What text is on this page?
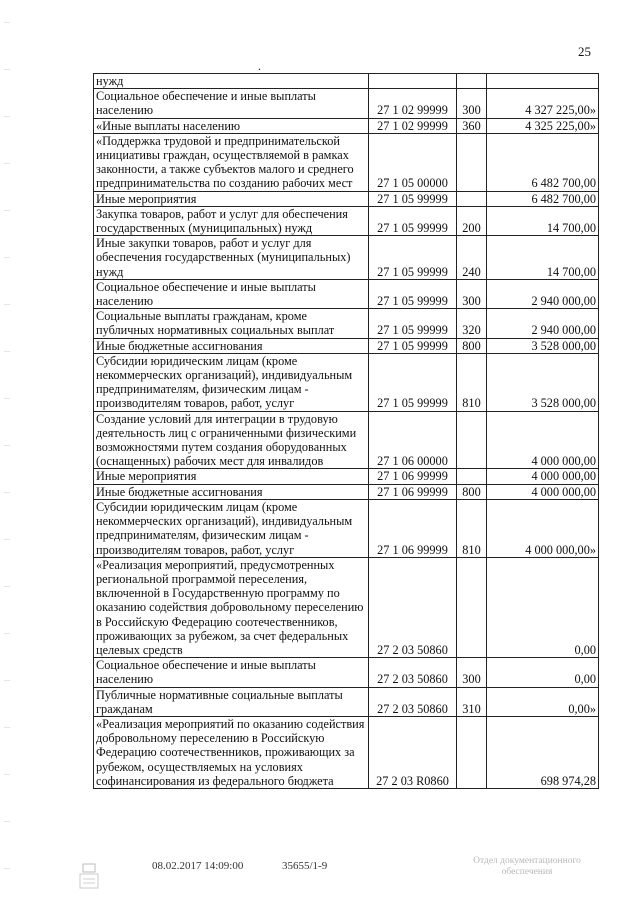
25
.
нужд			
Социальное обеспечение и иные выплаты населению	27 1 02 99999	300	4 327 225,00»
«Иные выплаты населению	27 1 02 99999	360	4 325 225,00»
«Поддержка трудовой и предпринимательской инициативы граждан, осуществляемой в рамках законности, а также субъектов малого и среднего предпринимательства по созданию рабочих мест	27 1 05 00000		6 482 700,00
Иные мероприятия	27 1 05 99999		6 482 700,00
Закупка товаров, работ и услуг для обеспечения государственных (муниципальных) нужд	27 1 05 99999	200	14 700,00
Иные закупки товаров, работ и услуг для обеспечения государственных (муниципальных) нужд	27 1 05 99999	240	14 700,00
Социальное обеспечение и иные выплаты населению	27 1 05 99999	300	2 940 000,00
Социальные выплаты гражданам, кроме публичных нормативных социальных выплат	27 1 05 99999	320	2 940 000,00
Иные бюджетные ассигнования	27 1 05 99999	800	3 528 000,00
Субсидии юридическим лицам (кроме некоммерческих организаций), индивидуальным предпринимателям, физическим лицам - производителям товаров, работ, услуг	27 1 05 99999	810	3 528 000,00
Создание условий для интеграции в трудовую деятельность лиц с ограниченными физическими возможностями путем создания оборудованных (оснащенных) рабочих мест для инвалидов	27 1 06 00000		4 000 000,00
Иные мероприятия	27 1 06 99999		4 000 000,00
Иные бюджетные ассигнования	27 1 06 99999	800	4 000 000,00
Субсидии юридическим лицам (кроме некоммерческих организаций), индивидуальным предпринимателям, физическим лицам - производителям товаров, работ, услуг	27 1 06 99999	810	4 000 000,00»
«Реализация мероприятий, предусмотренных региональной программой переселения, включенной в Государственную программу по оказанию содействия добровольному переселению в Российскую Федерацию соотечественников, проживающих за рубежом, за счет федеральных целевых средств	27 2 03 50860		0,00
Социальное обеспечение и иные выплаты населению	27 2 03 50860	300	0,00
Публичные нормативные социальные выплаты гражданам	27 2 03 50860	310	0,00»
«Реализация мероприятий по оказанию содействия добровольному переселению в Российскую Федерацию соотечественников, проживающих за рубежом, осуществляемых на условиях софинансирования из федерального бюджета	27 2 03 R0860		698 974,28
08.02.2017 14:09:00	35655/1-9	Отдел документационного обеспечения
